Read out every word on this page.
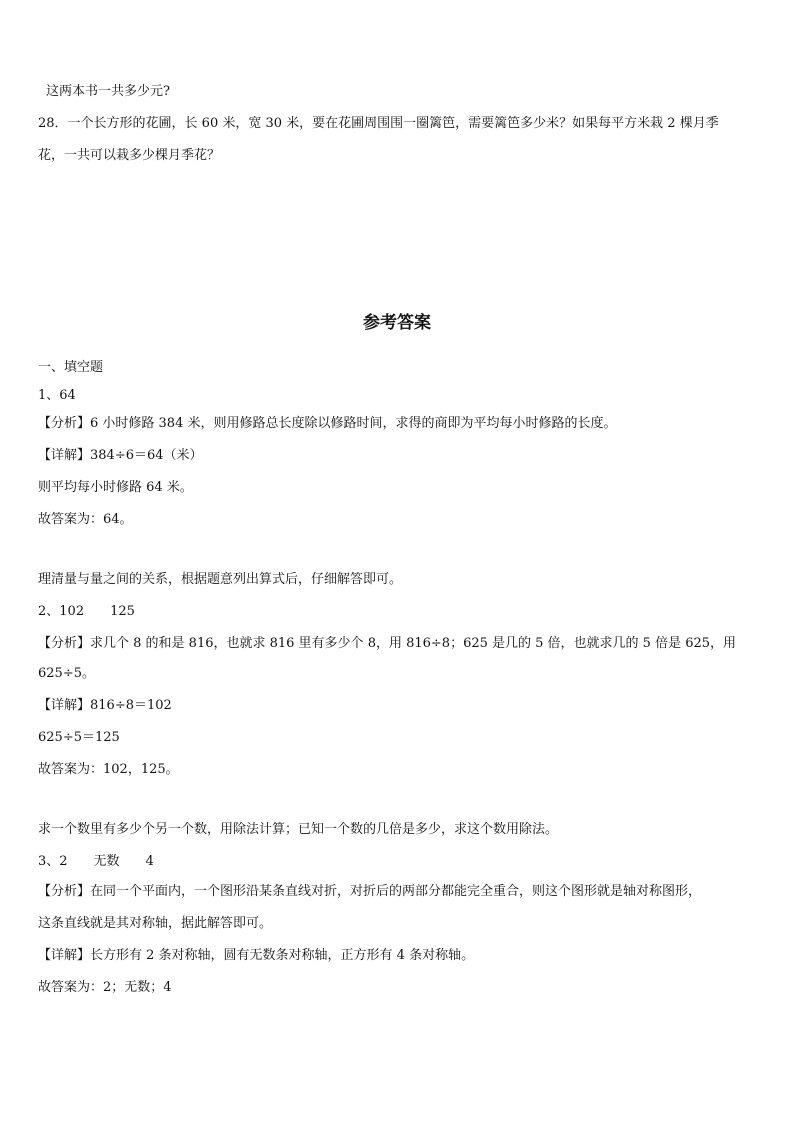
这两本书一共多少元?
28．一个长方形的花圃，长 60 米，宽 30 米，要在花圃周围围一圈篱笆，需要篱笆多少米？如果每平方米栽 2 棵月季
花，一共可以栽多少棵月季花？
参考答案
一、填空题
1、64
【分析】6 小时修路 384 米，则用修路总长度除以修路时间，求得的商即为平均每小时修路的长度。
【详解】384÷6＝64（米）
则平均每小时修路 64 米。
故答案为：64。
理清量与量之间的关系，根据题意列出算式后，仔细解答即可。
2、102 125
【分析】求几个 8 的和是 816，也就求 816 里有多少个 8，用 816÷8；625 是几的 5 倍，也就求几的 5 倍是 625，用
625÷5。
【详解】816÷8＝102
625÷5＝125
故答案为：102，125。
求一个数里有多少个另一个数，用除法计算；已知一个数的几倍是多少，求这个数用除法。
3、2 无数 4
【分析】在同一个平面内，一个图形沿某条直线对折，对折后的两部分都能完全重合，则这个图形就是轴对称图形，
这条直线就是其对称轴，据此解答即可。
【详解】长方形有 2 条对称轴，圆有无数条对称轴，正方形有 4 条对称轴。
故答案为：2；无数；4
